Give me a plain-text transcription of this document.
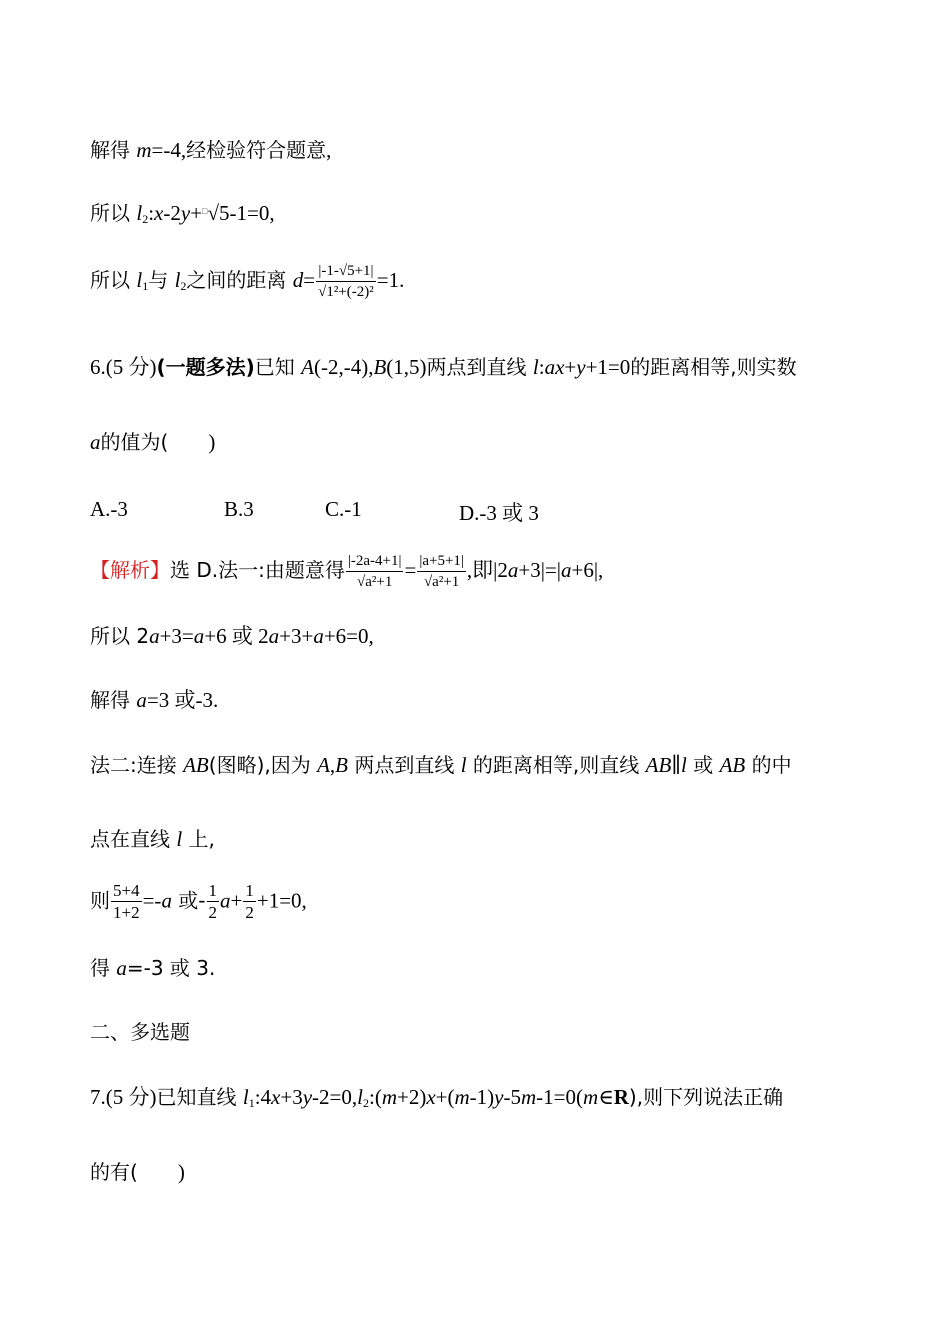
解得 m=-4,经检验符合题意,
所以 $l_2:x-2y+^□√5-1=0$,
所以 $l_1$与 $l_2$之间的距离 $d= \frac{|-1-√5+1|}{\text{√1²+(-2)²}} =1$.
6.(5 分)(一题多法)已知 A(-2,-4),B(1,5)两点到直线 l:ax+y+1=0的距离相等,则实数
a的值为( )
A.-3	B.3	C.-1	D.-3 或 3
【解析】选 D.法一:由题意得 $\frac{|-2a-4+1|}{\text{√a²+1}} = \frac{|a+5+1|}{\text{√a²+1}}$ ,即|2a+3|=|a+6|,
所以 2a+3=a+6 或 2a+3+a+6=0,
解得 a=3 或-3.
法二:连接 AB(图略),因为 A,B 两点到直线 l 的距离相等,则直线 AB∥l 或 AB 的中
点在直线 l 上,
则 $\frac{5+4}{1+2} =-a$ 或- $\frac{1}{2} a+ \frac{1}{2} +1=0$,
得 a=-3 或 3.
二、多选题
7.(5 分)已知直线 $l_1:4x+3y-2=0,l_2:(m+2)x+(m-1)y-5m-1=0(m\in R)$,则下列说法正确
的有( )
